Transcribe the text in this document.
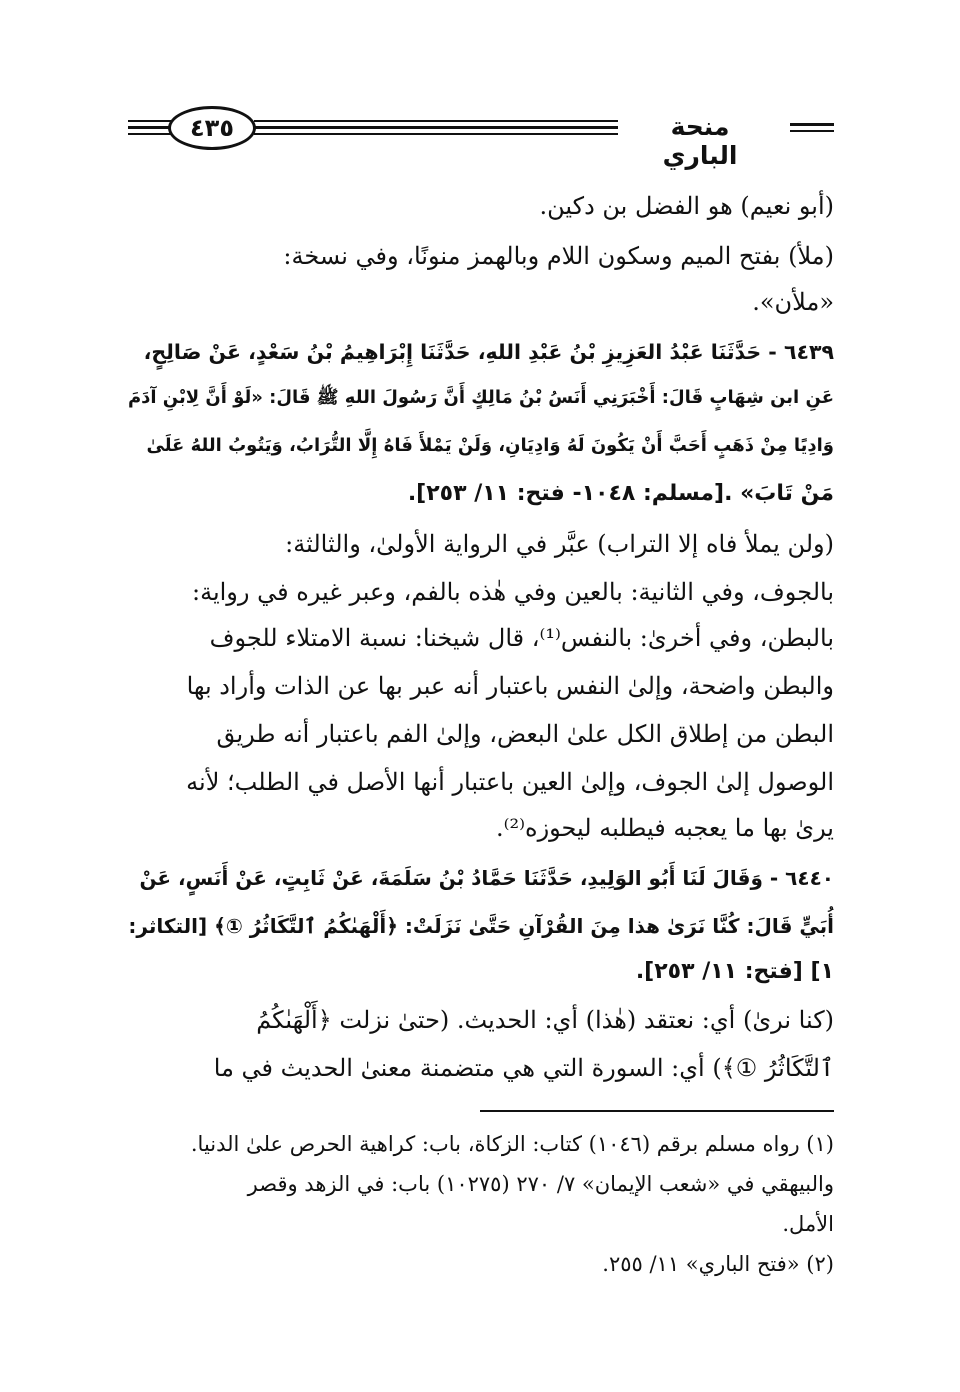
٤٣٥	منحة الباري
(أبو نعيم) هو الفضل بن دكين.
(ملأ) بفتح الميم وسكون اللام وبالهمز منونًا، وفي نسخة:
«ملأن».
٦٤٣٩ - حَدَّثَنَا عَبْدُ العَزِيزِ بْنُ عَبْدِ اللهِ، حَدَّثَنَا إِبْرَاهِيمُ بْنُ سَعْدٍ، عَنْ صَالِحٍ،
عَنِ ابن شِهَابٍ قَالَ: أَخْبَرَنِي أَنَسُ بْنُ مَالِكٍ أَنَّ رَسُولَ اللهِ ﷺ قَالَ: «لَوْ أَنَّ لِابْنِ آدَمَ
وَادِيًا مِنْ ذَهَبٍ أَحَبَّ أَنْ يَكُونَ لَهُ وَادِيَانِ، وَلَنْ يَمْلأَ فَاهُ إِلَّا التُّرَابُ، وَيَتُوبُ اللهُ عَلَىٰ
مَنْ تَابَ» .[مسلم: ١٠٤٨- فتح: ١١/ ٢٥٣].
(ولن يملأ فاه إلا التراب) عبَّر في الرواية الأولىٰ، والثالثة:
بالجوف، وفي الثانية: بالعين وفي هٰذه بالفم، وعبر غيره في رواية:
بالبطن، وفي أخرىٰ: بالنفس⁽¹⁾، قال شيخنا: نسبة الامتلاء للجوف
والبطن واضحة، وإلىٰ النفس باعتبار أنه عبر بها عن الذات وأراد بها
البطن من إطلاق الكل علىٰ البعض، وإلىٰ الفم باعتبار أنه طريق
الوصول إلىٰ الجوف، وإلىٰ العين باعتبار أنها الأصل في الطلب؛ لأنه
يرىٰ بها ما يعجبه فيطلبه ليحوزه⁽²⁾.
٦٤٤٠ - وَقَالَ لَنَا أَبُو الوَلِيدِ، حَدَّثَنَا حَمَّادُ بْنُ سَلَمَةَ، عَنْ ثَابِتٍ، عَنْ أَنَسٍ، عَنْ
أُبَيٍّ قَالَ: كُنَّا نَرَىٰ هذا مِنَ القُرْآنِ حَتَّىٰ نَزَلَتْ: ﴿أَلْهَىٰكُمُ ٱلتَّكَاثُرُ ①﴾ [التكاثر:
١] [فتح: ١١/ ٢٥٣].
(كنا نرىٰ) أي: نعتقد (هٰذا) أي: الحديث. (حتىٰ نزلت ﴿أَلْهَىٰكُمُ
ٱلتَّكَاثُرُ ①﴾) أي: السورة التي هي متضمنة معنىٰ الحديث في ما
(١) رواه مسلم برقم (١٠٤٦) كتاب: الزكاة، باب: كراهية الحرص علىٰ الدنيا.
والبيهقي في «شعب الإيمان» ٧/ ٢٧٠ (١٠٢٧٥) باب: في الزهد وقصر
الأمل.
(٢) «فتح الباري» ١١/ ٢٥٥.
